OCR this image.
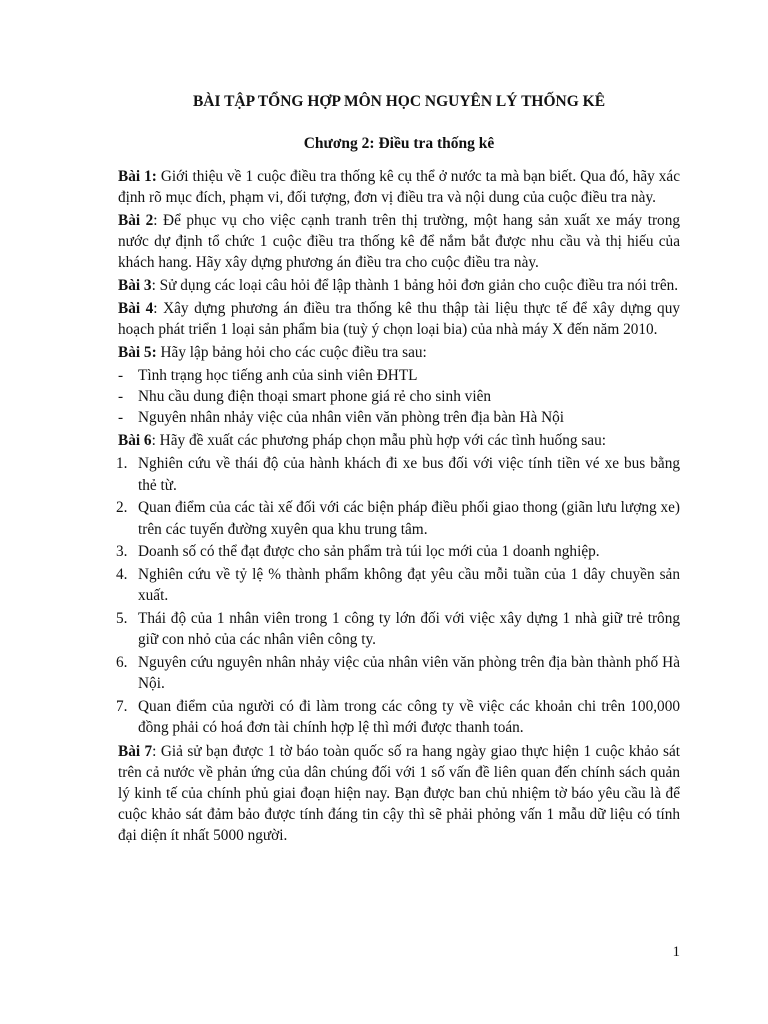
BÀI TẬP TỔNG HỢP MÔN HỌC NGUYÊN LÝ THỐNG KÊ
Chương 2: Điều tra thống kê

Bài 1: Giới thiệu về 1 cuộc điều tra thống kê cụ thể ở nước ta mà bạn biết. Qua đó, hãy xác định rõ mục đích, phạm vi, đối tượng, đơn vị điều tra và nội dung của cuộc điều tra này.

Bài 2: Để phục vụ cho việc cạnh tranh trên thị trường, một hang sản xuất xe máy trong nước dự định tổ chức 1 cuộc điều tra thống kê để nắm bắt được nhu cầu và thị hiếu của khách hang. Hãy xây dựng phương án điều tra cho cuộc điều tra này.

Bài 3: Sử dụng các loại câu hỏi để lập thành 1 bảng hỏi đơn giản cho cuộc điều tra nói trên.

Bài 4: Xây dựng phương án điều tra thống kê thu thập tài liệu thực tế để xây dựng quy hoạch phát triển 1 loại sản phẩm bia (tuỳ ý chọn loại bia) của nhà máy X đến năm 2010.

Bài 5: Hãy lập bảng hỏi cho các cuộc điều tra sau:

- Tình trạng học tiếng anh của sinh viên ĐHTL
- Nhu cầu dung điện thoại smart phone giá rẻ cho sinh viên
- Nguyên nhân nhảy việc của nhân viên văn phòng trên địa bàn Hà Nội

Bài 6: Hãy đề xuất các phương pháp chọn mẫu phù hợp với các tình huống sau:

1. Nghiên cứu về thái độ của hành khách đi xe bus đối với việc tính tiền vé xe bus bằng thẻ từ.
2. Quan điểm của các tài xế đối với các biện pháp điều phối giao thong (giãn lưu lượng xe) trên các tuyến đường xuyên qua khu trung tâm.
3. Doanh số có thể đạt được cho sản phẩm trà túi lọc mới của 1 doanh nghiệp.
4. Nghiên cứu về tỷ lệ % thành phẩm không đạt yêu cầu mỗi tuần của 1 dây chuyền sản xuất.
5. Thái độ của 1 nhân viên trong 1 công ty lớn đối với việc xây dựng 1 nhà giữ trẻ trông giữ con nhỏ của các nhân viên công ty.
6. Nguyên cứu nguyên nhân nhảy việc của nhân viên văn phòng trên địa bàn thành phố Hà Nội.
7. Quan điểm của người có đi làm trong các công ty về việc các khoản chi trên 100,000 đồng phải có hoá đơn tài chính hợp lệ thì mới được thanh toán.

Bài 7: Giả sử bạn được 1 tờ báo toàn quốc số ra hang ngày giao thực hiện 1 cuộc khảo sát trên cả nước về phản ứng của dân chúng đối với 1 số vấn đề liên quan đến chính sách quản lý kinh tế của chính phủ giai đoạn hiện nay. Bạn được ban chủ nhiệm tờ báo yêu cầu là để cuộc khảo sát đảm bảo được tính đáng tin cậy thì sẽ phải phỏng vấn 1 mẫu dữ liệu có tính đại diện ít nhất 5000 người.

1
